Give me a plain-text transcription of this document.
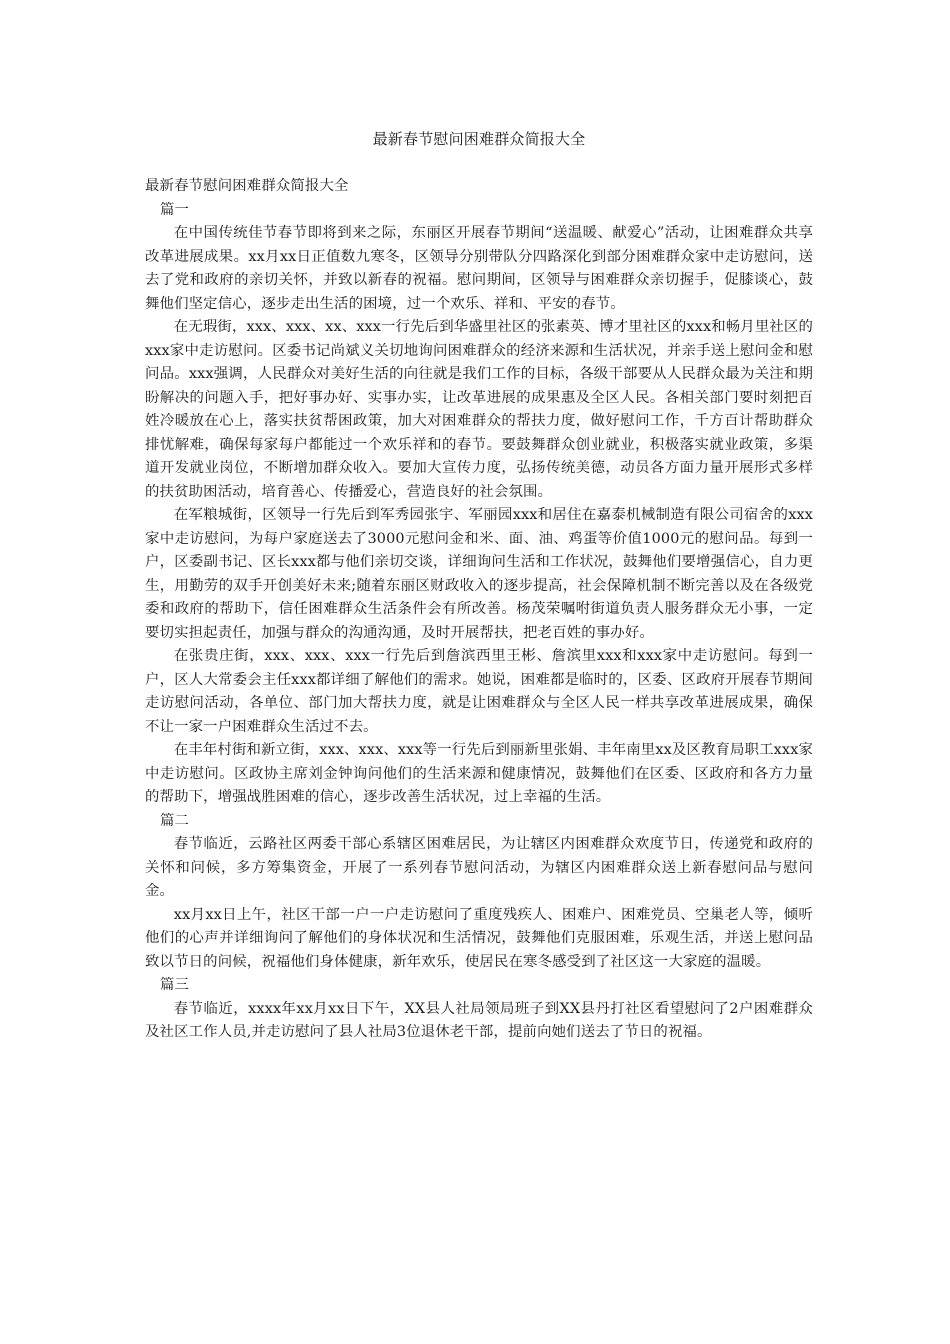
最新春节慰问困难群众简报大全

最新春节慰问困难群众简报大全

篇一

在中国传统佳节春节即将到来之际，东丽区开展春节期间“送温暖、献爱心”活动，让困难群众共享改革进展成果。xx月xx日正值数九寒冬，区领导分别带队分四路深化到部分困难群众家中走访慰问，送去了党和政府的亲切关怀，并致以新春的祝福。慰问期间，区领导与困难群众亲切握手，促膝谈心，鼓舞他们坚定信心，逐步走出生活的困境，过一个欢乐、祥和、平安的春节。

在无瑕街，xxx、xxx、xx、xxx一行先后到华盛里社区的张素英、博才里社区的xxx和畅月里社区的xxx家中走访慰问。区委书记尚斌义关切地询问困难群众的经济来源和生活状况，并亲手送上慰问金和慰问品。xxx强调，人民群众对美好生活的向往就是我们工作的目标，各级干部要从人民群众最为关注和期盼解决的问题入手，把好事办好、实事办实，让改革进展的成果惠及全区人民。各相关部门要时刻把百姓冷暖放在心上，落实扶贫帮困政策，加大对困难群众的帮扶力度，做好慰问工作，千方百计帮助群众排忧解难，确保每家每户都能过一个欢乐祥和的春节。要鼓舞群众创业就业，积极落实就业政策，多渠道开发就业岗位，不断增加群众收入。要加大宣传力度，弘扬传统美德，动员各方面力量开展形式多样的扶贫助困活动，培育善心、传播爱心，营造良好的社会氛围。

在军粮城街，区领导一行先后到军秀园张宇、军丽园xxx和居住在嘉泰机械制造有限公司宿舍的xxx家中走访慰问，为每户家庭送去了3000元慰问金和米、面、油、鸡蛋等价值1000元的慰问品。每到一户，区委副书记、区长xxx都与他们亲切交谈，详细询问生活和工作状况，鼓舞他们要增强信心，自力更生，用勤劳的双手开创美好未来;随着东丽区财政收入的逐步提高，社会保障机制不断完善以及在各级党委和政府的帮助下，信任困难群众生活条件会有所改善。杨茂荣嘱咐街道负责人服务群众无小事，一定要切实担起责任，加强与群众的沟通沟通，及时开展帮扶，把老百姓的事办好。

在张贵庄街，xxx、xxx、xxx一行先后到詹滨西里王彬、詹滨里xxx和xxx家中走访慰问。每到一户，区人大常委会主任xxx都详细了解他们的需求。她说，困难都是临时的，区委、区政府开展春节期间走访慰问活动，各单位、部门加大帮扶力度，就是让困难群众与全区人民一样共享改革进展成果，确保不让一家一户困难群众生活过不去。

在丰年村街和新立街，xxx、xxx、xxx等一行先后到丽新里张娟、丰年南里xx及区教育局职工xxx家中走访慰问。区政协主席刘金钟询问他们的生活来源和健康情况，鼓舞他们在区委、区政府和各方力量的帮助下，增强战胜困难的信心，逐步改善生活状况，过上幸福的生活。

篇二

春节临近，云路社区两委干部心系辖区困难居民，为让辖区内困难群众欢度节日，传递党和政府的关怀和问候，多方筹集资金，开展了一系列春节慰问活动，为辖区内困难群众送上新春慰问品与慰问金。

xx月xx日上午，社区干部一户一户走访慰问了重度残疾人、困难户、困难党员、空巢老人等，倾听他们的心声并详细询问了解他们的身体状况和生活情况，鼓舞他们克服困难，乐观生活，并送上慰问品致以节日的问候，祝福他们身体健康，新年欢乐，使居民在寒冬感受到了社区这一大家庭的温暖。

篇三

春节临近，xxxx年xx月xx日下午，XX县人社局领局班子到XX县丹打社区看望慰问了2户困难群众及社区工作人员,并走访慰问了县人社局3位退休老干部，提前向她们送去了节日的祝福。
